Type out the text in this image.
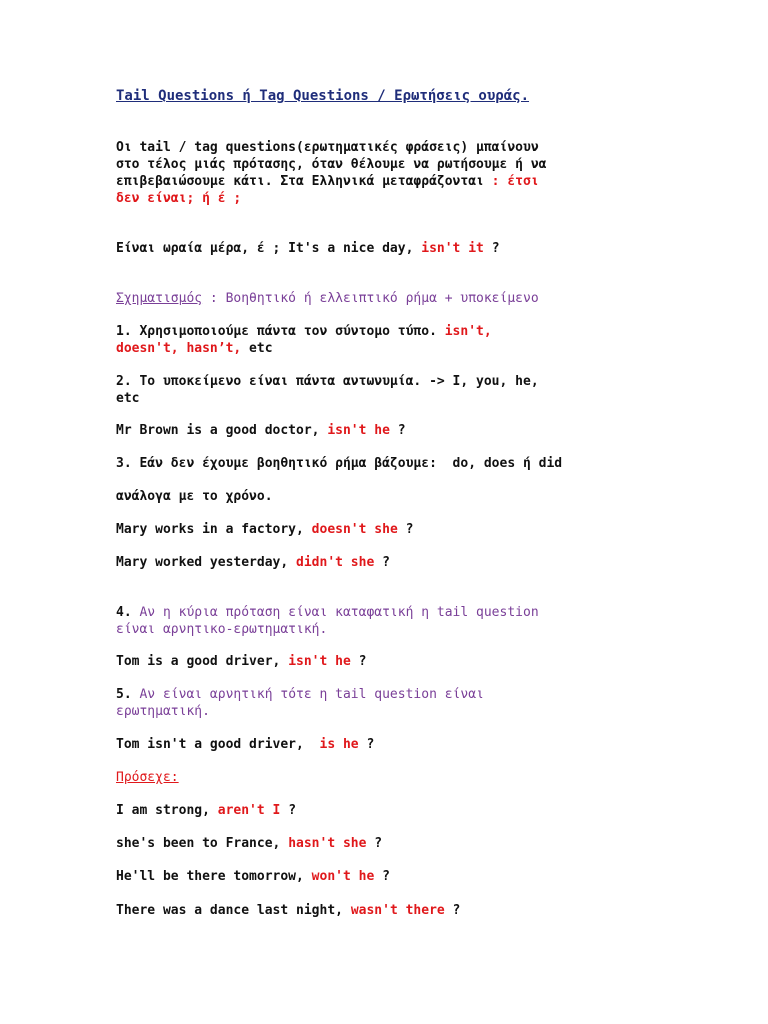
Tail Questions ή Tag Questions / Ερωτήσεις ουράς.
Οι tail / tag questions(ερωτηματικές φράσεις) μπαίνουν
στο τέλος μιάς πρότασης, όταν θέλουμε να ρωτήσουμε ή να
επιβεβαιώσουμε κάτι. Στα Ελληνικά μεταφράζονται : έτσι
δεν είναι; ή έ ;
Είναι ωραία μέρα, έ ; It's a nice day, isn't it ?
Σχηματισμός : Βοηθητικό ή ελλειπτικό ρήμα + υποκείμενο
1. Χρησιμοποιούμε πάντα τον σύντομο τύπο. isn't,
doesn't, hasn’t, etc
2. Το υποκείμενο είναι πάντα αντωνυμία. -> I, you, he,
etc
Mr Brown is a good doctor, isn't he ?
3. Εάν δεν έχουμε βοηθητικό ρήμα βάζουμε:  do, does ή did
ανάλογα με το χρόνο.
Mary works in a factory, doesn't she ?
Mary worked yesterday, didn't she ?
4. Αν η κύρια πρόταση είναι καταφατική η tail question
είναι αρνητικο-ερωτηματική.
Tom is a good driver, isn't he ?
5. Αν είναι αρνητική τότε η tail question είναι
ερωτηματική.
Tom isn't a good driver,  is he ?
Πρόσεχε:
I am strong, aren't I ?
she's been to France, hasn't she ?
He'll be there tomorrow, won't he ?
There was a dance last night, wasn't there ?
